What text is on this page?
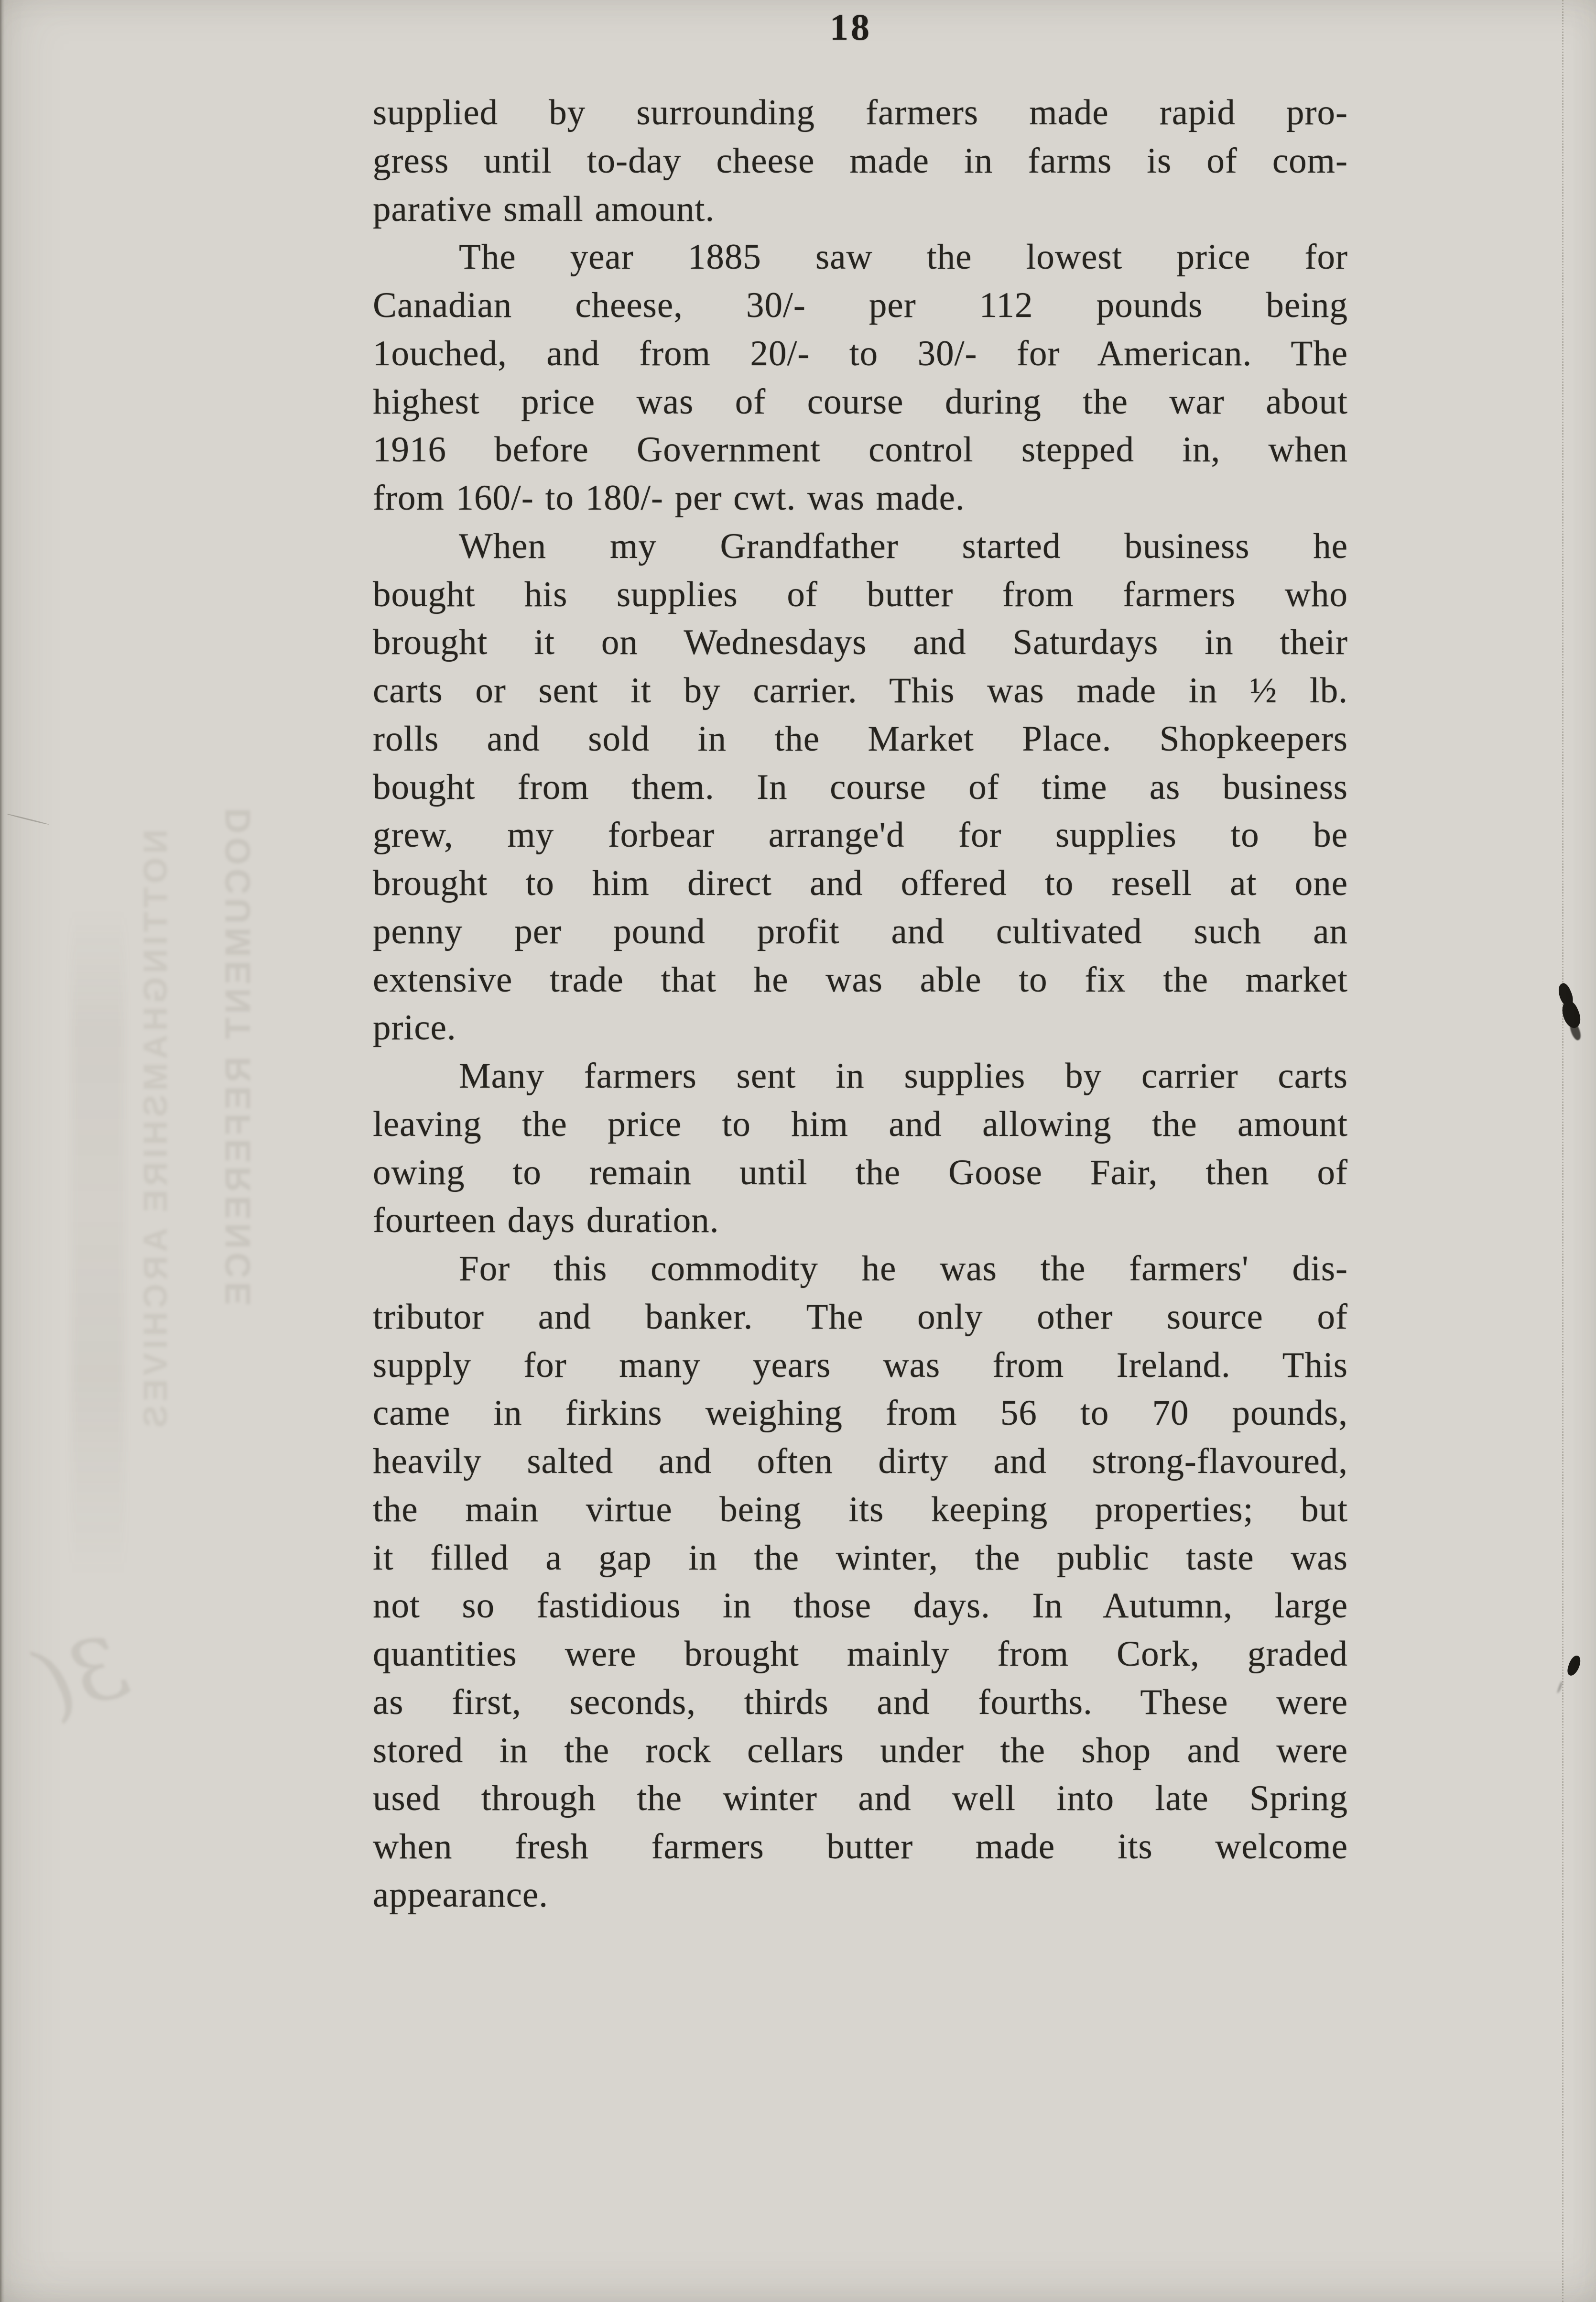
DOCUMENT REFERENCE
NOTTINGHAMSHIRE ARCHIVES
3(
18
supplied by surrounding farmers made rapid pro-
gress until to-day cheese made in farms is of com-
parative small amount.
The year 1885 saw the lowest price for
Canadian cheese, 30/- per 112 pounds being
1ouched, and from 20/- to 30/- for American. The
highest price was of course during the war about
1916 before Government control stepped in, when
from 160/- to 180/- per cwt. was made.
When my Grandfather started business he
bought his supplies of butter from farmers who
brought it on Wednesdays and Saturdays in their
carts or sent it by carrier. This was made in ½ lb.
rolls and sold in the Market Place. Shopkeepers
bought from them. In course of time as business
grew, my forbear arrange'd for supplies to be
brought to him direct and offered to resell at one
penny per pound profit and cultivated such an
extensive trade that he was able to fix the market
price.
Many farmers sent in supplies by carrier carts
leaving the price to him and allowing the amount
owing to remain until the Goose Fair, then of
fourteen days duration.
For this commodity he was the farmers' dis-
tributor and banker. The only other source of
supply for many years was from Ireland. This
came in firkins weighing from 56 to 70 pounds,
heavily salted and often dirty and strong-flavoured,
the main virtue being its keeping properties; but
it filled a gap in the winter, the public taste was
not so fastidious in those days. In Autumn, large
quantities were brought mainly from Cork, graded
as first, seconds, thirds and fourths. These were
stored in the rock cellars under the shop and were
used through the winter and well into late Spring
when fresh farmers butter made its welcome
appearance.
